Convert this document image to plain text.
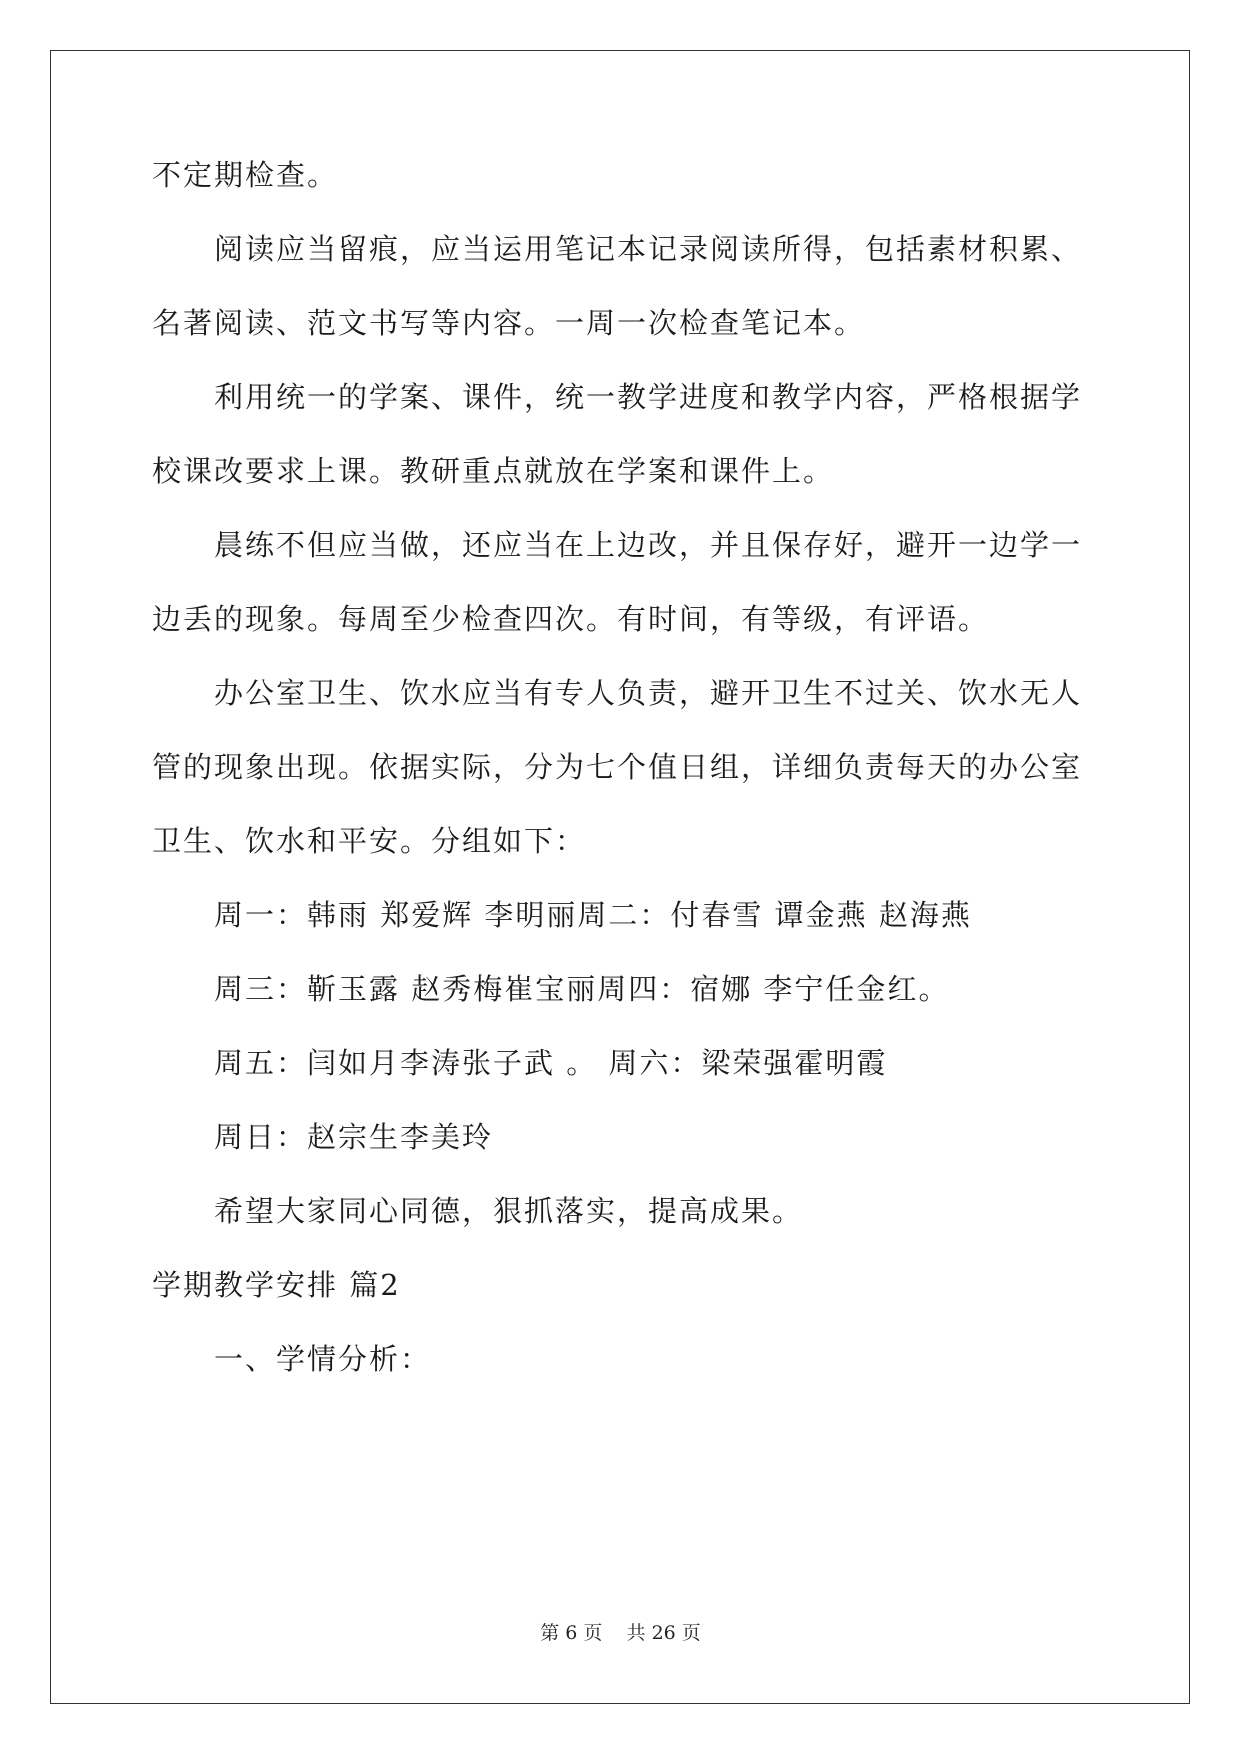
不定期检查。
阅读应当留痕，应当运用笔记本记录阅读所得，包括素材积累、
名著阅读、范文书写等内容。一周一次检查笔记本。
利用统一的学案、课件，统一教学进度和教学内容，严格根据学
校课改要求上课。教研重点就放在学案和课件上。
晨练不但应当做，还应当在上边改，并且保存好，避开一边学一
边丢的现象。每周至少检查四次。有时间，有等级，有评语。
办公室卫生、饮水应当有专人负责，避开卫生不过关、饮水无人
管的现象出现。依据实际，分为七个值日组，详细负责每天的办公室
卫生、饮水和平安。分组如下：
周一：韩雨 郑爱辉 李明丽周二：付春雪 谭金燕 赵海燕
周三：靳玉露 赵秀梅崔宝丽周四：宿娜 李宁任金红。
周五：闫如月李涛张子武 。 周六：梁荣强霍明霞
周日：赵宗生李美玲
希望大家同心同德，狠抓落实，提高成果。
学期教学安排 篇2
一、学情分析：
第 6 页    共 26 页
